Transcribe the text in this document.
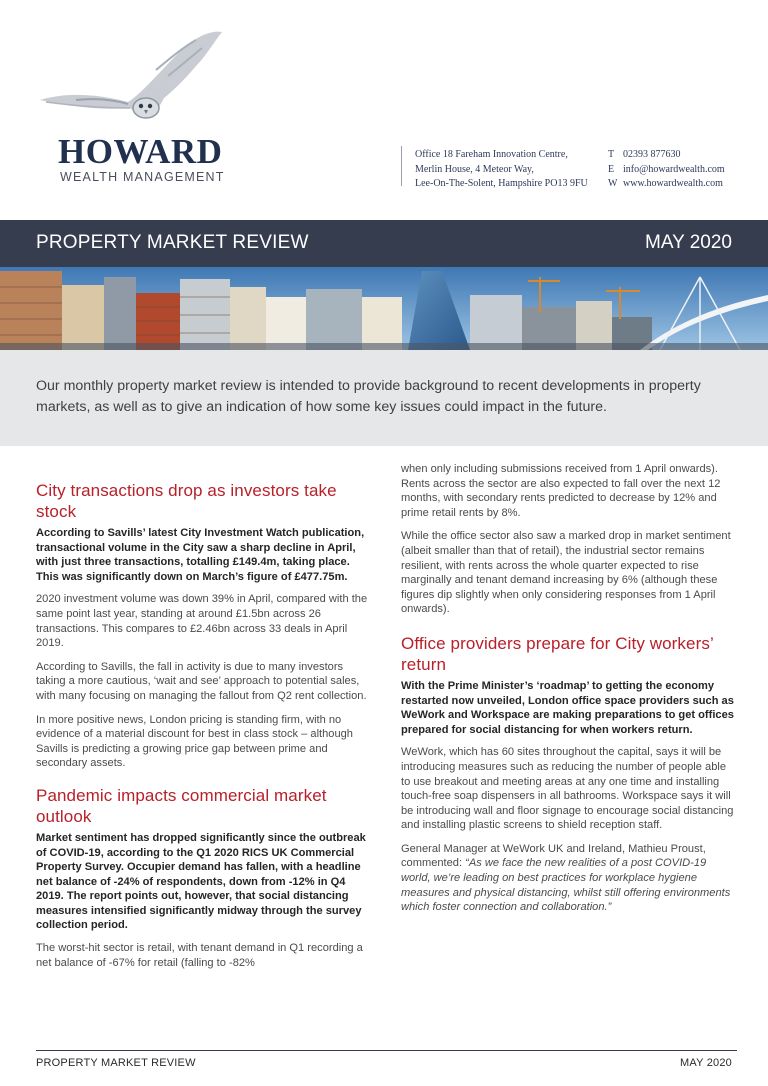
HOWARD
WEALTH MANAGEMENT
Office 18 Fareham Innovation Centre,
Merlin House, 4 Meteor Way,
Lee-On-The-Solent, Hampshire PO13 9FU
T 02393 877630
E info@howardwealth.com
W www.howardwealth.com
PROPERTY MARKET REVIEW	MAY 2020

Our monthly property market review is intended to provide background to recent developments in property markets, as well as to give an indication of how some key issues could impact in the future.

City transactions drop as investors take stock

According to Savills’ latest City Investment Watch publication, transactional volume in the City saw a sharp decline in April, with just three transactions, totalling £149.4m, taking place. This was significantly down on March’s figure of £477.75m.

2020 investment volume was down 39% in April, compared with the same point last year, standing at around £1.5bn across 26 transactions. This compares to £2.46bn across 33 deals in April 2019.

According to Savills, the fall in activity is due to many investors taking a more cautious, ‘wait and see’ approach to potential sales, with many focusing on managing the fallout from Q2 rent collection.

In more positive news, London pricing is standing firm, with no evidence of a material discount for best in class stock – although Savills is predicting a growing price gap between prime and secondary assets.

Pandemic impacts commercial market outlook

Market sentiment has dropped significantly since the outbreak of COVID-19, according to the Q1 2020 RICS UK Commercial Property Survey. Occupier demand has fallen, with a headline net balance of -24% of respondents, down from -12% in Q4 2019. The report points out, however, that social distancing measures intensified significantly midway through the survey collection period.

The worst-hit sector is retail, with tenant demand in Q1 recording a net balance of -67% for retail (falling to -82%

when only including submissions received from 1 April onwards). Rents across the sector are also expected to fall over the next 12 months, with secondary rents predicted to decrease by 12% and prime retail rents by 8%.

While the office sector also saw a marked drop in market sentiment (albeit smaller than that of retail), the industrial sector remains resilient, with rents across the whole quarter expected to rise marginally and tenant demand increasing by 6% (although these figures dip slightly when only considering responses from 1 April onwards).

Office providers prepare for City workers’ return

With the Prime Minister’s ‘roadmap’ to getting the economy restarted now unveiled, London office space providers such as WeWork and Workspace are making preparations to get offices prepared for social distancing for when workers return.

WeWork, which has 60 sites throughout the capital, says it will be introducing measures such as reducing the number of people able to use breakout and meeting areas at any one time and installing touch-free soap dispensers in all bathrooms. Workspace says it will be introducing wall and floor signage to encourage social distancing and installing plastic screens to shield reception staff.

General Manager at WeWork UK and Ireland, Mathieu Proust, commented: “As we face the new realities of a post COVID-19 world, we’re leading on best practices for workplace hygiene measures and physical distancing, whilst still offering environments which foster connection and collaboration.”

PROPERTY MARKET REVIEW	MAY 2020
